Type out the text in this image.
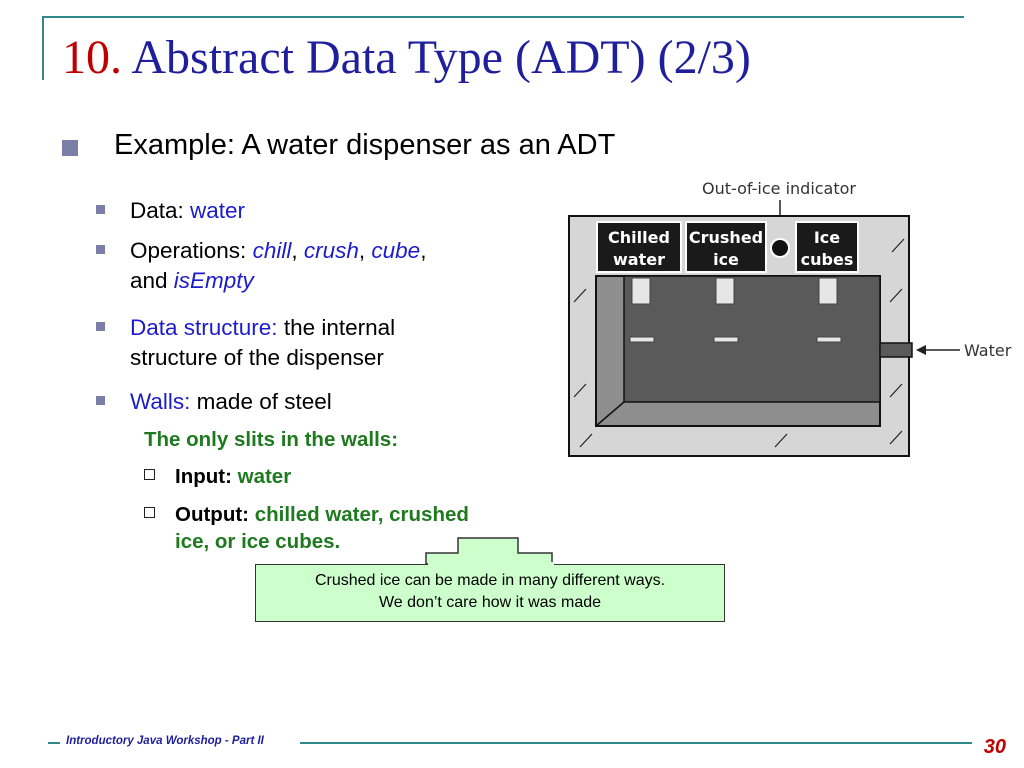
10. Abstract Data Type (ADT) (2/3)
Example: A water dispenser as an ADT
Data: water
Operations: chill, crush, cube,
and isEmpty
Data structure: the internal
structure of the dispenser
Walls: made of steel
The only slits in the walls:
Input: water
Output: chilled water, crushed
ice, or ice cubes.
Out-of-ice indicator
Water
Chilled
water
Crushed
ice
Ice
cubes
Crushed ice can be made in many different ways.
We don’t care how it was made
Introductory Java Workshop - Part II	30
